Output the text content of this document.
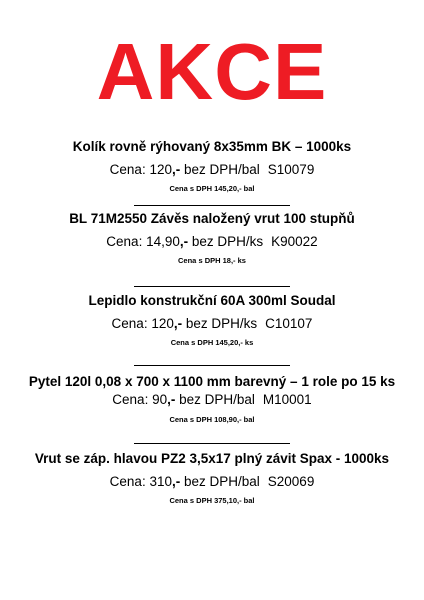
AKCE
Kolík rovně rýhovaný 8x35mm BK – 1000ks
Cena: 120,- bez DPH/bal S10079
Cena s DPH 145,20,- bal
BL 71M2550 Závěs naložený vrut 100 stupňů
Cena: 14,90,- bez DPH/ks K90022
Cena s DPH 18,- ks
Lepidlo konstrukční 60A 300ml Soudal
Cena: 120,- bez DPH/ks C10107
Cena s DPH 145,20,- ks
Pytel 120l 0,08 x 700 x 1100 mm barevný – 1 role po 15 ks Cena: 90,- bez DPH/bal M10001
Cena s DPH 108,90,- bal
Vrut se záp. hlavou PZ2 3,5x17 plný závit Spax - 1000ks
Cena: 310,- bez DPH/bal S20069
Cena s DPH 375,10,- bal
